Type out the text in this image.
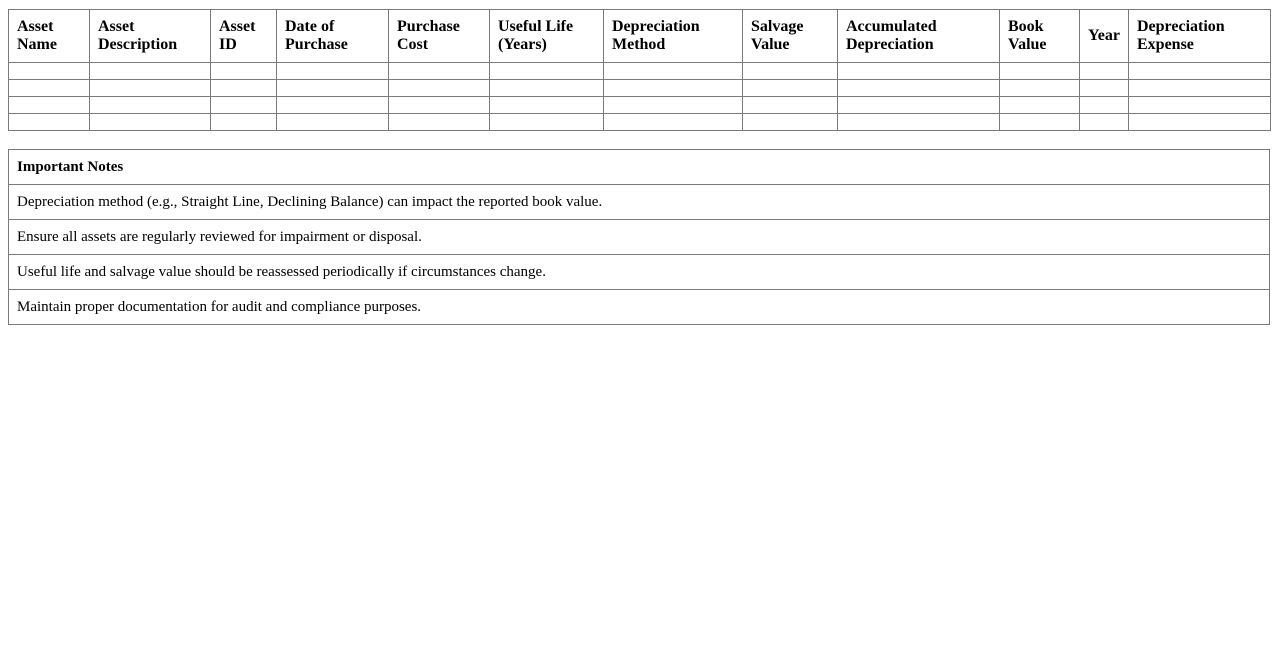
Asset Name	Asset Description	Asset ID	Date of Purchase	Purchase Cost	Useful Life (Years)	Depreciation Method	Salvage Value	Accumulated Depreciation	Book Value	Year	Depreciation Expense

Important Notes
Depreciation method (e.g., Straight Line, Declining Balance) can impact the reported book value.
Ensure all assets are regularly reviewed for impairment or disposal.
Useful life and salvage value should be reassessed periodically if circumstances change.
Maintain proper documentation for audit and compliance purposes.
